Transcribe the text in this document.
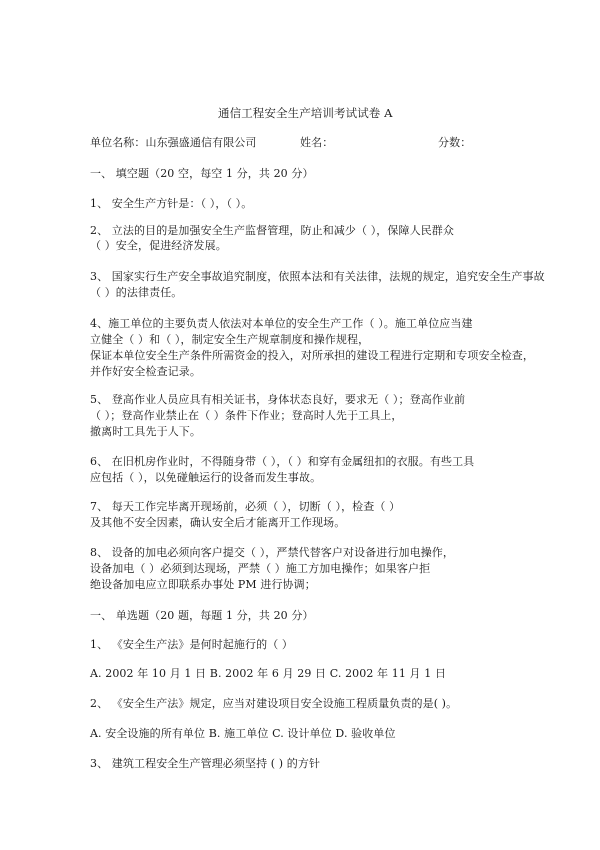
通信工程安全生产培训考试试卷 A
单位名称：山东强盛通信有限公司	姓名：	分数：
一、 填空题（20 空，每空 1 分，共 20 分）
1、 安全生产方针是：（ ），（ ）。
2、 立法的目的是加强安全生产监督管理，防止和减少（ ），保障人民群众
（ ）安全，促进经济发展。
3、 国家实行生产安全事故追究制度，依照本法和有关法律，法规的规定，追究安全生产事故
（ ）的法律责任。
4、施工单位的主要负责人依法对本单位的安全生产工作（ ）。施工单位应当建
立健全（ ）和（ ），制定安全生产规章制度和操作规程，
保证本单位安全生产条件所需资金的投入，对所承担的建设工程进行定期和专项安全检查，
并作好安全检查记录。
5、 登高作业人员应具有相关证书，身体状态良好，要求无（ ）；登高作业前
（ ）；登高作业禁止在（ ）条件下作业；登高时人先于工具上，
撤离时工具先于人下。
6、 在旧机房作业时，不得随身带（ ），（ ）和穿有金属纽扣的衣服。有些工具
应包括（ ），以免碰触运行的设备而发生事故。
7、 每天工作完毕离开现场前，必须（ ），切断（ ），检查（ ）
及其他不安全因素，确认安全后才能离开工作现场。
8、 设备的加电必须向客户提交（ ），严禁代替客户对设备进行加电操作，
设备加电（ ）必须到达现场，严禁（ ）施工方加电操作；如果客户拒
绝设备加电应立即联系办事处 PM 进行协调；
一、 单选题（20 题，每题 1 分，共 20 分）
1、 《安全生产法》是何时起施行的（ ）
A. 2002 年 10 月 1 日 B. 2002 年 6 月 29 日 C. 2002 年 11 月 1 日
2、 《安全生产法》规定，应当对建设项目安全设施工程质量负责的是( )。
A. 安全设施的所有单位 B. 施工单位 C. 设计单位 D. 验收单位
3、 建筑工程安全生产管理必须坚持 ( ) 的方针
